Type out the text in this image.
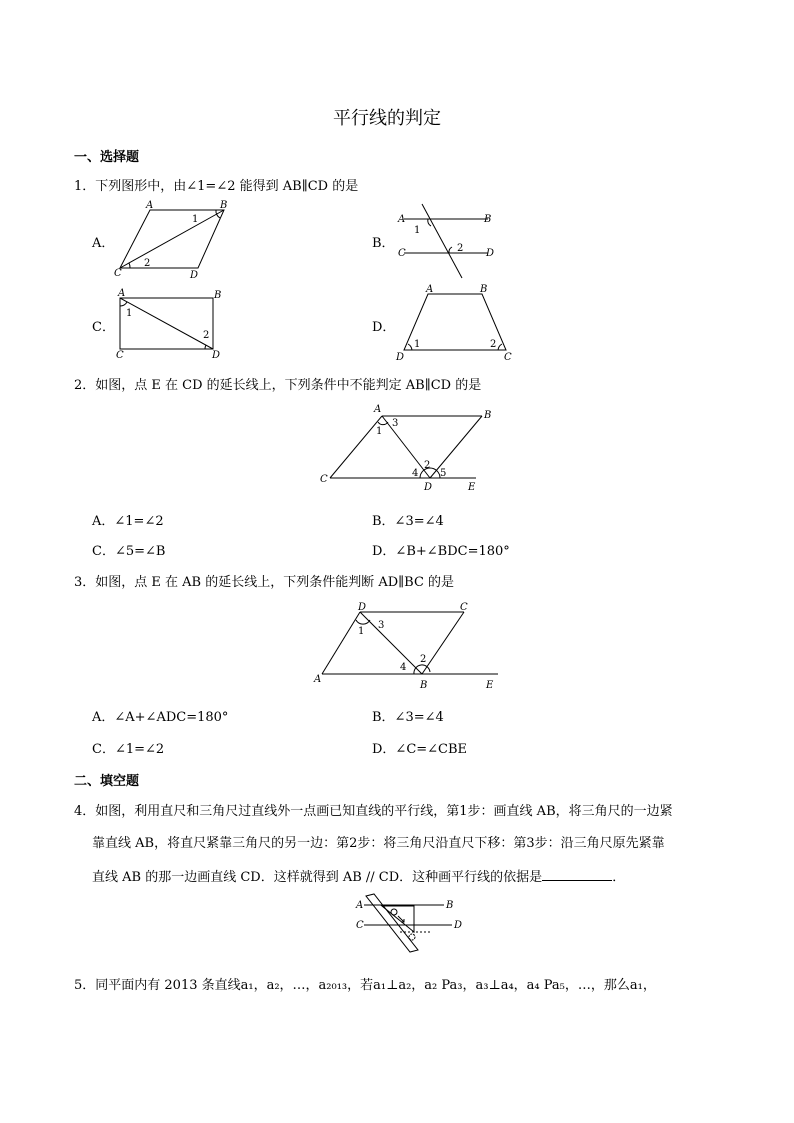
平行线的判定
一、选择题
1．下列图形中，由∠1=∠2 能得到 AB∥CD 的是
A．
A	B
C	D
1
2
B．
A	B
C	D
1
2
C．
A	B
C	D
1
2
D．
A	B
D	C
1	2
2．如图，点 E 在 CD 的延长线上，下列条件中不能判定 AB∥CD 的是
A
B
C
D	E
1
2
3
4 5
A．∠1=∠2	B．∠3=∠4
C．∠5=∠B	D．∠B+∠BDC=180°
3．如图，点 E 在 AB 的延长线上，下列条件能判断 AD∥BC 的是
D	C
A
B	E
1
2
3
4
A．∠A+∠ADC=180°	B．∠3=∠4
C．∠1=∠2	D．∠C=∠CBE
二、填空题
4．如图，利用直尺和三角尺过直线外一点画已知直线的平行线，第1步：画直线 AB，将三角尺的一边紧
靠直线 AB，将直尺紧靠三角尺的另一边：第2步：将三角尺沿直尺下移：第3步：沿三角尺原先紧靠
直线 AB 的那一边画直线 CD．这样就得到 AB // CD．这种画平行线的依据是	．
A	B
C	D
5．同平面内有 2013 条直线a₁，a₂，…，a₂₀₁₃，若a₁⊥a₂，a₂ Pa₃，a₃⊥a₄，a₄ Pa₅，…，那么a₁，
